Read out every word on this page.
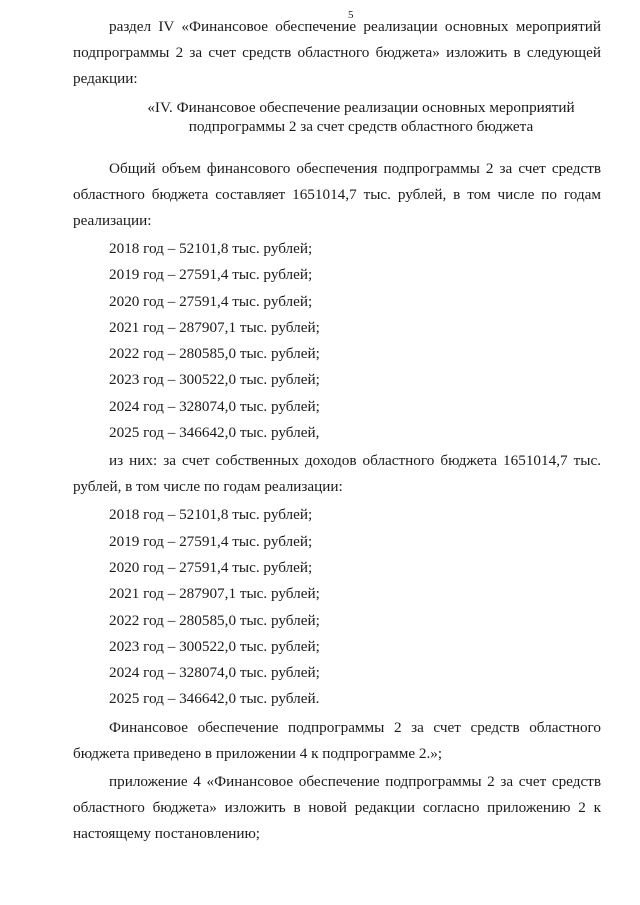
5

раздел IV «Финансовое обеспечение реализации основных мероприятий подпрограммы 2 за счет средств областного бюджета» изложить в следующей редакции:

«IV. Финансовое обеспечение реализации основных мероприятий
подпрограммы 2 за счет средств областного бюджета

Общий объем финансового обеспечения подпрограммы 2 за счет средств областного бюджета составляет 1651014,7 тыс. рублей, в том числе по годам реализации:

2018 год – 52101,8 тыс. рублей;
2019 год – 27591,4 тыс. рублей;
2020 год – 27591,4 тыс. рублей;
2021 год – 287907,1 тыс. рублей;
2022 год – 280585,0 тыс. рублей;
2023 год – 300522,0 тыс. рублей;
2024 год – 328074,0 тыс. рублей;
2025 год – 346642,0 тыс. рублей,

из них: за счет собственных доходов областного бюджета 1651014,7 тыс. рублей, в том числе по годам реализации:

2018 год – 52101,8 тыс. рублей;
2019 год – 27591,4 тыс. рублей;
2020 год – 27591,4 тыс. рублей;
2021 год – 287907,1 тыс. рублей;
2022 год – 280585,0 тыс. рублей;
2023 год – 300522,0 тыс. рублей;
2024 год – 328074,0 тыс. рублей;
2025 год – 346642,0 тыс. рублей.

Финансовое обеспечение подпрограммы 2 за счет средств областного бюджета приведено в приложении 4 к подпрограмме 2.»;

приложение 4 «Финансовое обеспечение подпрограммы 2 за счет средств областного бюджета» изложить в новой редакции согласно приложению 2 к настоящему постановлению;
